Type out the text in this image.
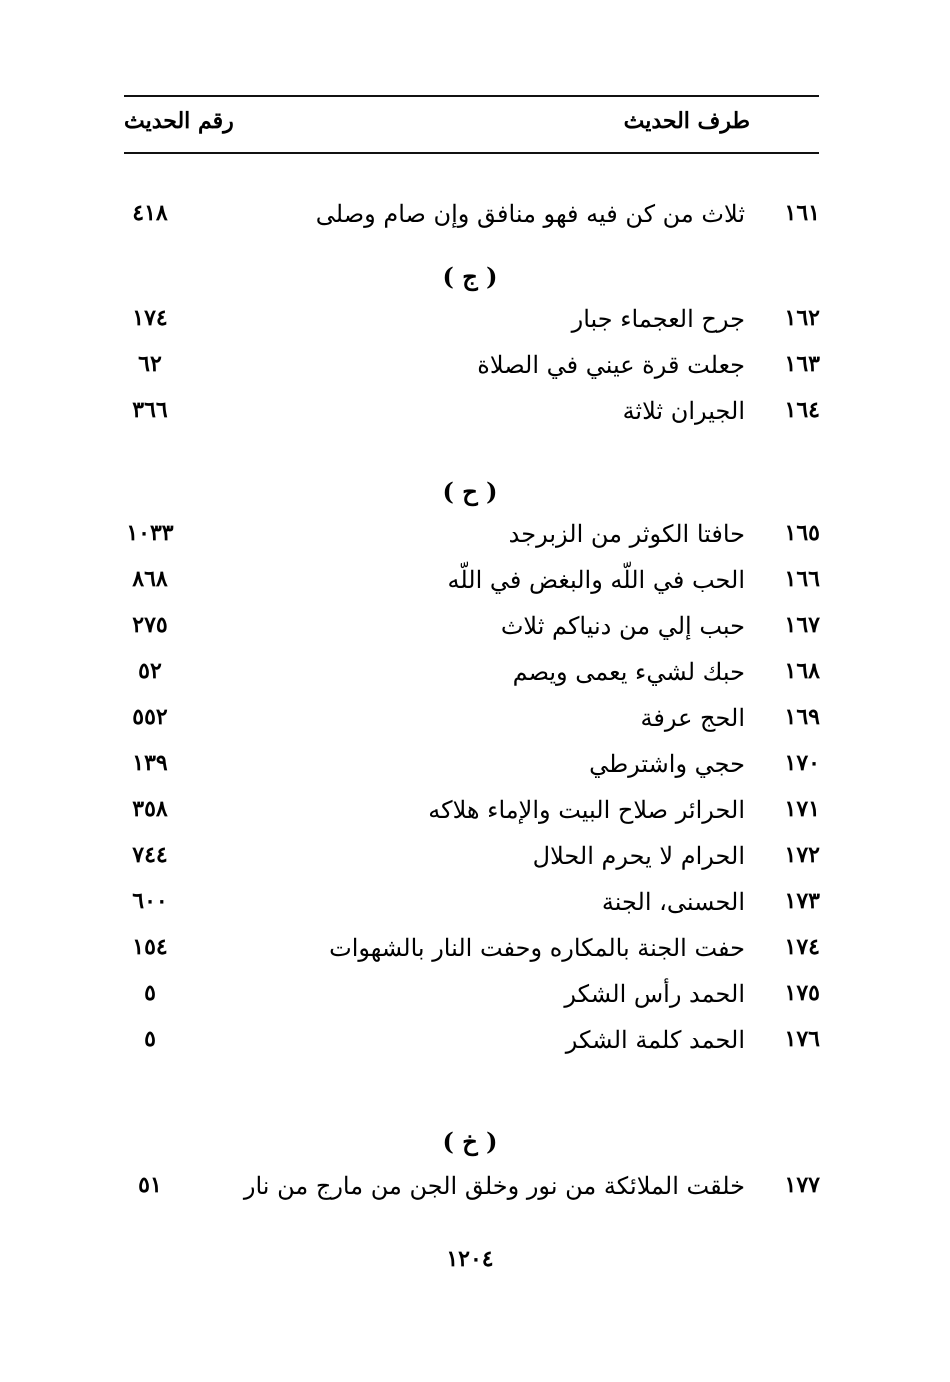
طرف الحديث
رقم الحديث
١٦١
ثلاث من كن فيه فهو منافق وإن صام وصلى
٤١٨
( ج )
١٦٢
جرح العجماء جبار
١٧٤
١٦٣
جعلت قرة عيني في الصلاة
٦٢
١٦٤
الجيران ثلاثة
٣٦٦
( ح )
١٦٥
حافتا الكوثر من الزبرجد
١٠٣٣
١٦٦
الحب في اللّه والبغض في اللّه
٨٦٨
١٦٧
حبب إلي من دنياكم ثلاث
٢٧٥
١٦٨
حبك لشيء يعمى ويصم
٥٢
١٦٩
الحج عرفة
٥٥٢
١٧٠
حجي واشترطي
١٣٩
١٧١
الحرائر صلاح البيت والإماء هلاكه
٣٥٨
١٧٢
الحرام لا يحرم الحلال
٧٤٤
١٧٣
الحسنى، الجنة
٦٠٠
١٧٤
حفت الجنة بالمكاره وحفت النار بالشهوات
١٥٤
١٧٥
الحمد رأس الشكر
٥
١٧٦
الحمد كلمة الشكر
٥
( خ )
١٧٧
خلقت الملائكة من نور وخلق الجن من مارج من نار
٥١
١٢٠٤
